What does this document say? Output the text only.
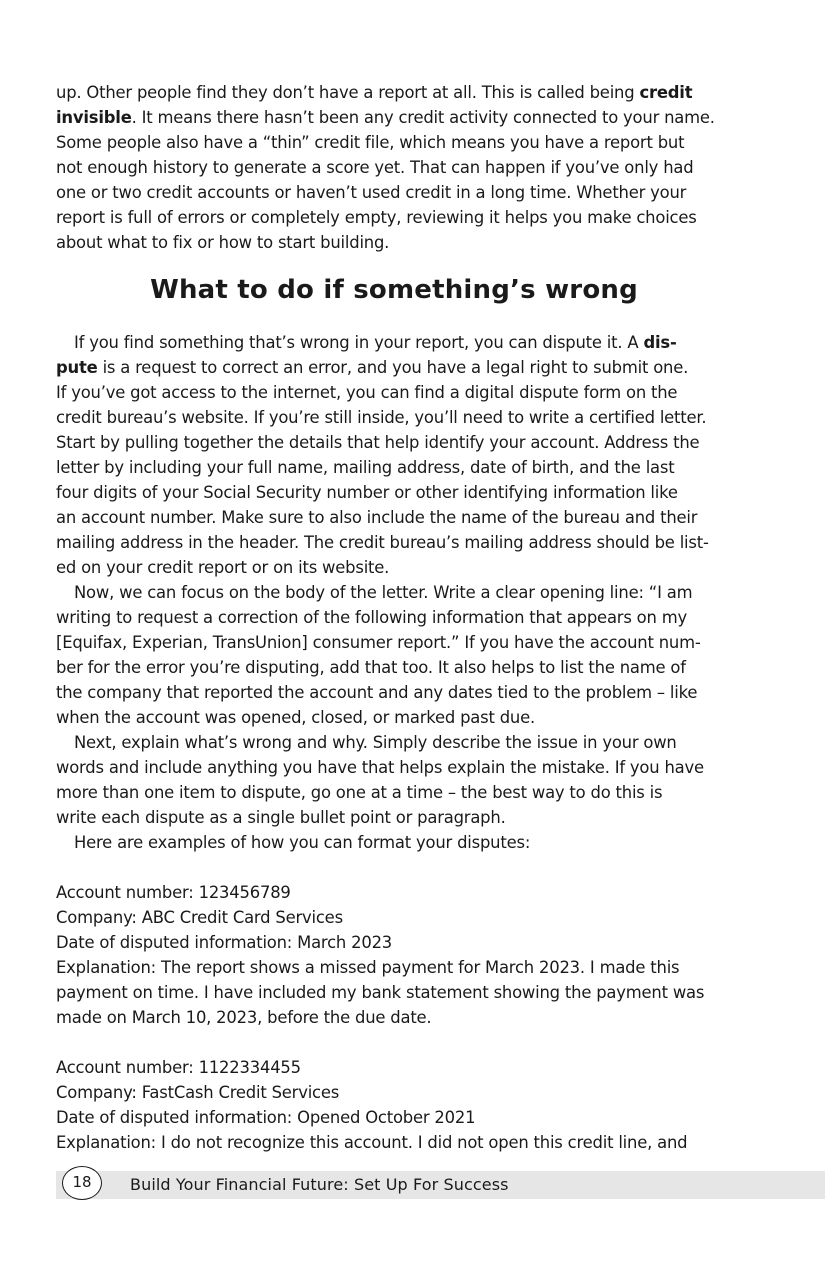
up. Other people find they don’t have a report at all. This is called being credit
invisible. It means there hasn’t been any credit activity connected to your name.
Some people also have a “thin” credit file, which means you have a report but
not enough history to generate a score yet. That can happen if you’ve only had
one or two credit accounts or haven’t used credit in a long time. Whether your
report is full of errors or completely empty, reviewing it helps you make choices
about what to fix or how to start building.
What to do if something’s wrong
If you find something that’s wrong in your report, you can dispute it. A dis-
pute is a request to correct an error, and you have a legal right to submit one.
If you’ve got access to the internet, you can find a digital dispute form on the
credit bureau’s website. If you’re still inside, you’ll need to write a certified letter.
Start by pulling together the details that help identify your account. Address the
letter by including your full name, mailing address, date of birth, and the last
four digits of your Social Security number or other identifying information like
an account number. Make sure to also include the name of the bureau and their
mailing address in the header. The credit bureau’s mailing address should be list-
ed on your credit report or on its website.
Now, we can focus on the body of the letter. Write a clear opening line: “I am
writing to request a correction of the following information that appears on my
[Equifax, Experian, TransUnion] consumer report.” If you have the account num-
ber for the error you’re disputing, add that too. It also helps to list the name of
the company that reported the account and any dates tied to the problem – like
when the account was opened, closed, or marked past due.
Next, explain what’s wrong and why. Simply describe the issue in your own
words and include anything you have that helps explain the mistake. If you have
more than one item to dispute, go one at a time – the best way to do this is
write each dispute as a single bullet point or paragraph.
Here are examples of how you can format your disputes:
Account number: 123456789
Company: ABC Credit Card Services
Date of disputed information: March 2023
Explanation: The report shows a missed payment for March 2023. I made this
payment on time. I have included my bank statement showing the payment was
made on March 10, 2023, before the due date.
Account number: 1122334455
Company: FastCash Credit Services
Date of disputed information: Opened October 2021
Explanation: I do not recognize this account. I did not open this credit line, and
18	Build Your Financial Future: Set Up For Success
